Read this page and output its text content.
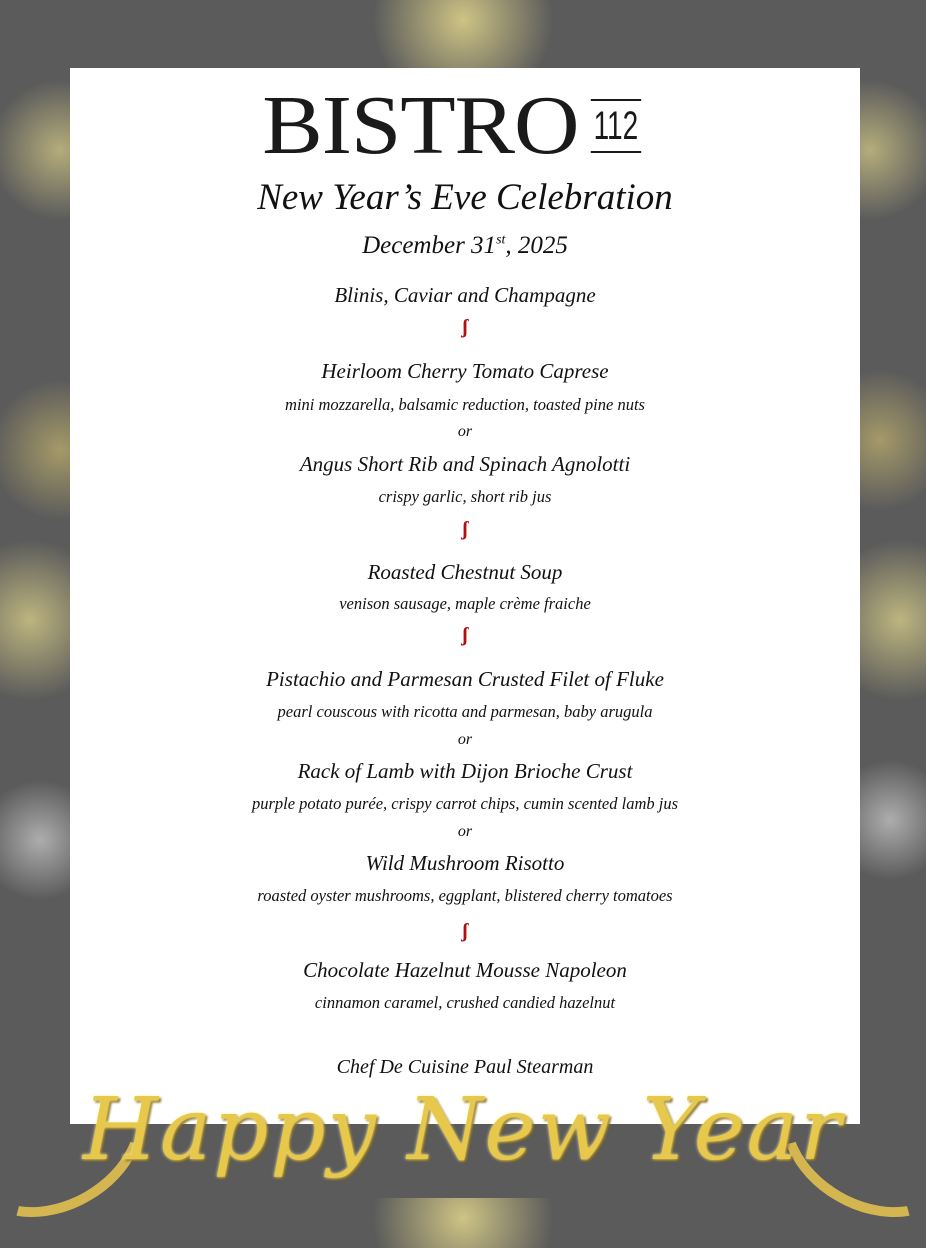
BISTRO 112
New Year’s Eve Celebration
December 31st, 2025
Blinis, Caviar and Champagne
ʃ
Heirloom Cherry Tomato Caprese
mini mozzarella, balsamic reduction, toasted pine nuts
or
Angus Short Rib and Spinach Agnolotti
crispy garlic, short rib jus
ʃ
Roasted Chestnut Soup
venison sausage, maple crème fraiche
ʃ
Pistachio and Parmesan Crusted Filet of Fluke
pearl couscous with ricotta and parmesan, baby arugula
or
Rack of Lamb with Dijon Brioche Crust
purple potato purée, crispy carrot chips, cumin scented lamb jus
or
Wild Mushroom Risotto
roasted oyster mushrooms, eggplant, blistered cherry tomatoes
ʃ
Chocolate Hazelnut Mousse Napoleon
cinnamon caramel, crushed candied hazelnut
Chef De Cuisine Paul Stearman
Happy New Year
